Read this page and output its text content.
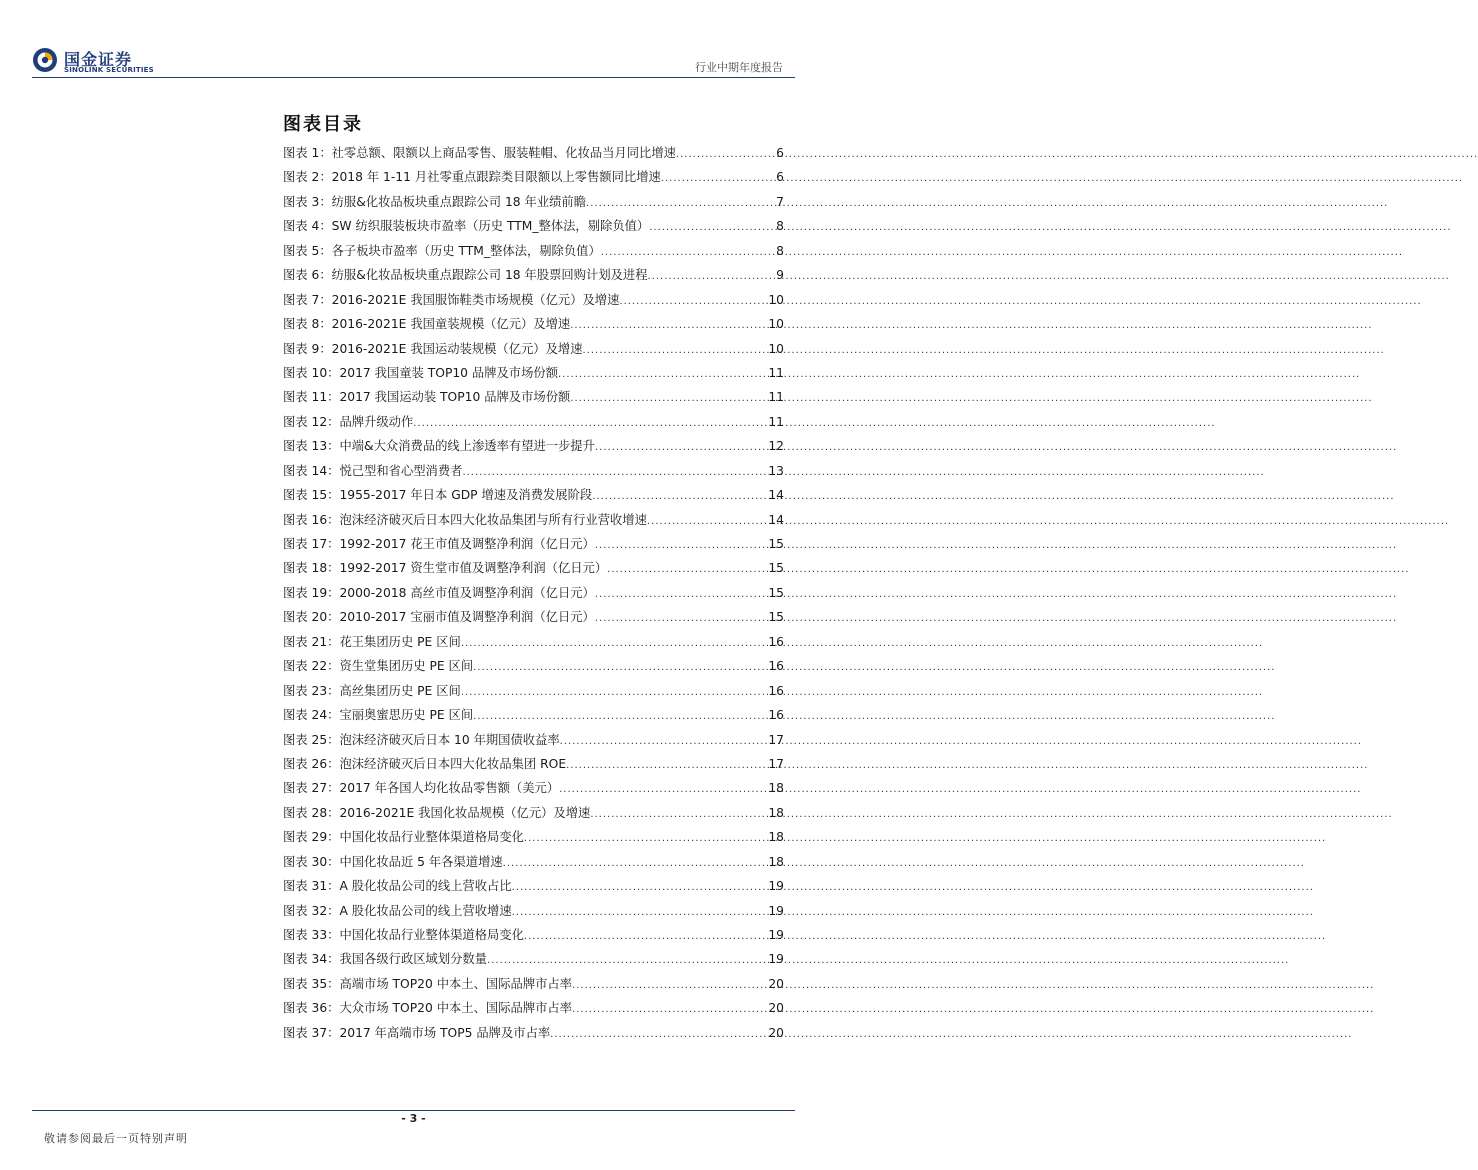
国金证券
SINOLINK SECURITIES	行业中期年度报告
图表目录
图表 1： 社零总额、限额以上商品零售、服装鞋帽、化妆品当月同比增速 .....	6
图表 2： 2018 年 1-11 月社零重点跟踪类目限额以上零售额同比增速 .....	6
图表 3： 纺服&化妆品板块重点跟踪公司 18 年业绩前瞻 .....	7
图表 4： SW 纺织服装板块市盈率（历史 TTM_整体法，剔除负值） .....	8
图表 5： 各子板块市盈率（历史 TTM_整体法，剔除负值） .....	8
图表 6： 纺服&化妆品板块重点跟踪公司 18 年股票回购计划及进程 .....	9
图表 7： 2016-2021E 我国服饰鞋类市场规模（亿元）及增速 .....	10
图表 8： 2016-2021E 我国童装规模（亿元）及增速 .....	10
图表 9： 2016-2021E 我国运动装规模（亿元）及增速 .....	10
图表 10： 2017 我国童装 TOP10 品牌及市场份额 .....	11
图表 11： 2017 我国运动装 TOP10 品牌及市场份额 .....	11
图表 12： 品牌升级动作 .....	11
图表 13： 中端&大众消费品的线上渗透率有望进一步提升 .....	12
图表 14： 悦己型和省心型消费者 .....	13
图表 15： 1955-2017 年日本 GDP 增速及消费发展阶段 .....	14
图表 16： 泡沫经济破灭后日本四大化妆品集团与所有行业营收增速 .....	14
图表 17： 1992-2017 花王市值及调整净利润（亿日元） .....	15
图表 18： 1992-2017 资生堂市值及调整净利润（亿日元） .....	15
图表 19： 2000-2018 高丝市值及调整净利润（亿日元） .....	15
图表 20： 2010-2017 宝丽市值及调整净利润（亿日元） .....	15
图表 21： 花王集团历史 PE 区间 .....	16
图表 22： 资生堂集团历史 PE 区间 .....	16
图表 23： 高丝集团历史 PE 区间 .....	16
图表 24： 宝丽奥蜜思历史 PE 区间 .....	16
图表 25： 泡沫经济破灭后日本 10 年期国债收益率 .....	17
图表 26： 泡沫经济破灭后日本四大化妆品集团 ROE .....	17
图表 27： 2017 年各国人均化妆品零售额（美元） .....	18
图表 28： 2016-2021E 我国化妆品规模（亿元）及增速 .....	18
图表 29： 中国化妆品行业整体渠道格局变化 .....	18
图表 30： 中国化妆品近 5 年各渠道增速 .....	18
图表 31： A 股化妆品公司的线上营收占比 .....	19
图表 32： A 股化妆品公司的线上营收增速 .....	19
图表 33： 中国化妆品行业整体渠道格局变化 .....	19
图表 34： 我国各级行政区域划分数量 .....	19
图表 35： 高端市场 TOP20 中本土、国际品牌市占率 .....	20
图表 36： 大众市场 TOP20 中本土、国际品牌市占率 .....	20
图表 37： 2017 年高端市场 TOP5 品牌及市占率 .....	20
- 3 -
敬请参阅最后一页特别声明
